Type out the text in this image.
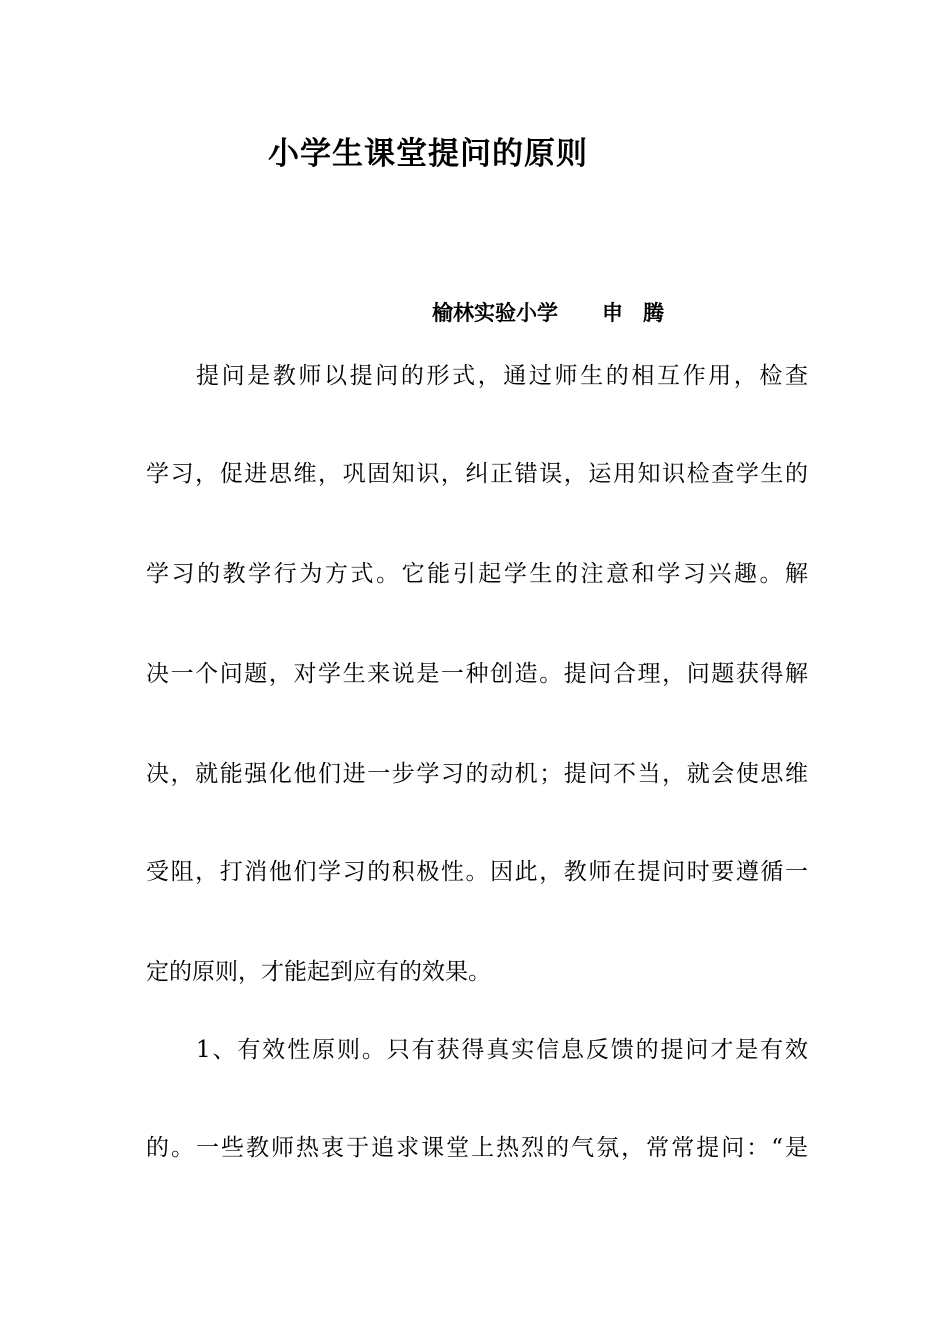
小学生课堂提问的原则
榆林实验小学 申腾
提问是教师以提问的形式，通过师生的相互作用，检查
学习，促进思维，巩固知识，纠正错误，运用知识检查学生的
学习的教学行为方式。它能引起学生的注意和学习兴趣。解
决一个问题，对学生来说是一种创造。提问合理，问题获得解
决，就能强化他们进一步学习的动机；提问不当，就会使思维
受阻，打消他们学习的积极性。因此，教师在提问时要遵循一
定的原则，才能起到应有的效果。
1、有效性原则。只有获得真实信息反馈的提问才是有效
的。一些教师热衷于追求课堂上热烈的气氛，常常提问：“是
